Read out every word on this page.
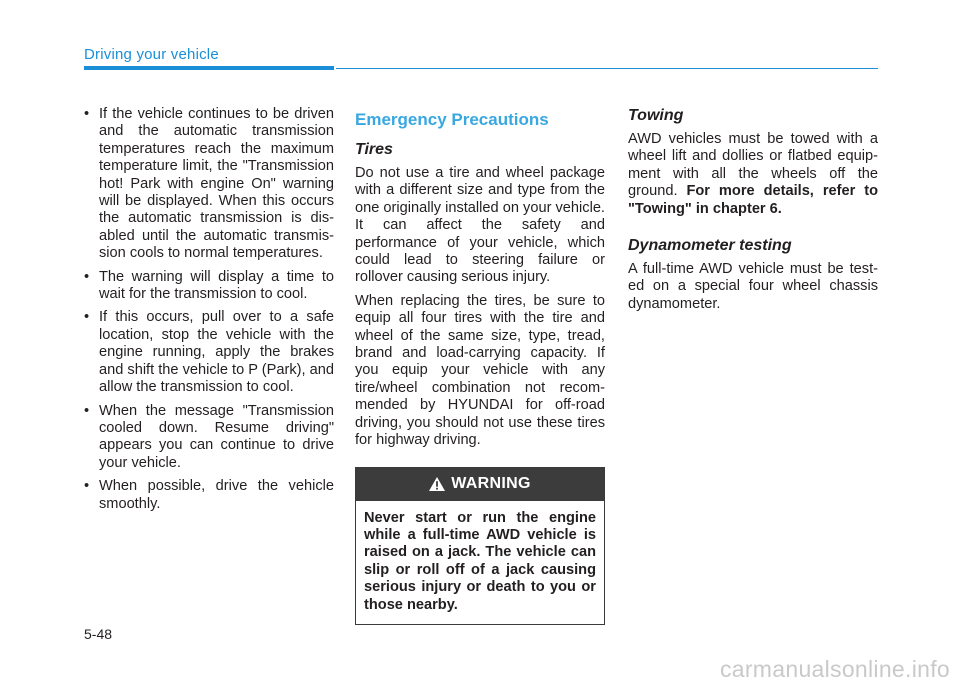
Driving your vehicle
• If the vehicle continues to be driven and the automatic transmission temperatures reach the maximum temperature limit, the "Transmission hot! Park with engine On" warning will be displayed. When this occurs the automatic transmission is dis-abled until the automatic transmis-sion cools to normal temperatures.
• The warning will display a time to wait for the transmission to cool.
• If this occurs, pull over to a safe location, stop the vehicle with the engine running, apply the brakes and shift the vehicle to P (Park), and allow the transmission to cool.
• When the message "Transmission cooled down. Resume driving" appears you can continue to drive your vehicle.
• When possible, drive the vehicle smoothly.
Emergency Precautions
Tires

Do not use a tire and wheel package with a different size and type from the one originally installed on your vehicle. It can affect the safety and performance of your vehicle, which could lead to steering failure or rollover causing serious injury.

When replacing the tires, be sure to equip all four tires with the tire and wheel of the same size, type, tread, brand and load-carrying capacity. If you equip your vehicle with any tire/wheel combination not recom-mended by HYUNDAI for off-road driving, you should not use these tires for highway driving.

WARNING
Never start or run the engine while a full-time AWD vehicle is raised on a jack. The vehicle can slip or roll off of a jack causing serious injury or death to you or those nearby.
Towing

AWD vehicles must be towed with a wheel lift and dollies or flatbed equip-ment with all the wheels off the ground. For more details, refer to "Towing" in chapter 6.

Dynamometer testing

A full-time AWD vehicle must be test-ed on a special four wheel chassis dynamometer.

5-48
carmanualsonline.info
